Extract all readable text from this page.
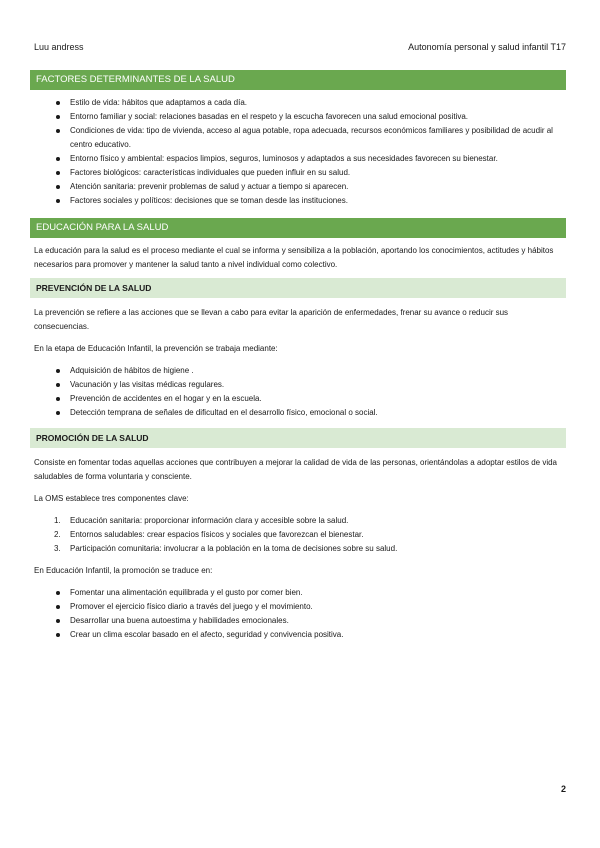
Luu andress	Autonomía personal y salud infantil T17
FACTORES DETERMINANTES DE LA SALUD
Estilo de vida: hábitos que adaptamos a cada día.
Entorno familiar y social: relaciones basadas en el respeto y la escucha favorecen una salud emocional positiva.
Condiciones de vida: tipo de vivienda, acceso al agua potable, ropa adecuada, recursos económicos familiares y posibilidad de acudir al centro educativo.
Entorno físico y ambiental: espacios limpios, seguros, luminosos y adaptados a sus necesidades favorecen su bienestar.
Factores biológicos: características individuales que pueden influir en su salud.
Atención sanitaria: prevenir problemas de salud y actuar a tiempo si aparecen.
Factores sociales y políticos: decisiones que se toman desde las instituciones.
EDUCACIÓN PARA LA SALUD

La educación para la salud es el proceso mediante el cual se informa y sensibiliza a la población, aportando los conocimientos, actitudes y hábitos necesarios para promover y mantener la salud tanto a nivel individual como colectivo.

PREVENCIÓN DE LA SALUD

La prevención se refiere a las acciones que se llevan a cabo para evitar la aparición de enfermedades, frenar su avance o reducir sus consecuencias.

En la etapa de Educación Infantil, la prevención se trabaja mediante:

Adquisición de hábitos de higiene .
Vacunación y las visitas médicas regulares.
Prevención de accidentes en el hogar y en la escuela.
Detección temprana de señales de dificultad en el desarrollo físico, emocional o social.
PROMOCIÓN DE LA SALUD

Consiste en fomentar todas aquellas acciones que contribuyen a mejorar la calidad de vida de las personas, orientándolas a adoptar estilos de vida saludables de forma voluntaria y consciente.

La OMS establece tres componentes clave:

1. Educación sanitaria: proporcionar información clara y accesible sobre la salud.
2. Entornos saludables: crear espacios físicos y sociales que favorezcan el bienestar.
3. Participación comunitaria: involucrar a la población en la toma de decisiones sobre su salud.

En Educación Infantil, la promoción se traduce en:

Fomentar una alimentación equilibrada y el gusto por comer bien.
Promover el ejercicio físico diario a través del juego y el movimiento.
Desarrollar una buena autoestima y habilidades emocionales.
Crear un clima escolar basado en el afecto, seguridad y convivencia positiva.
2
